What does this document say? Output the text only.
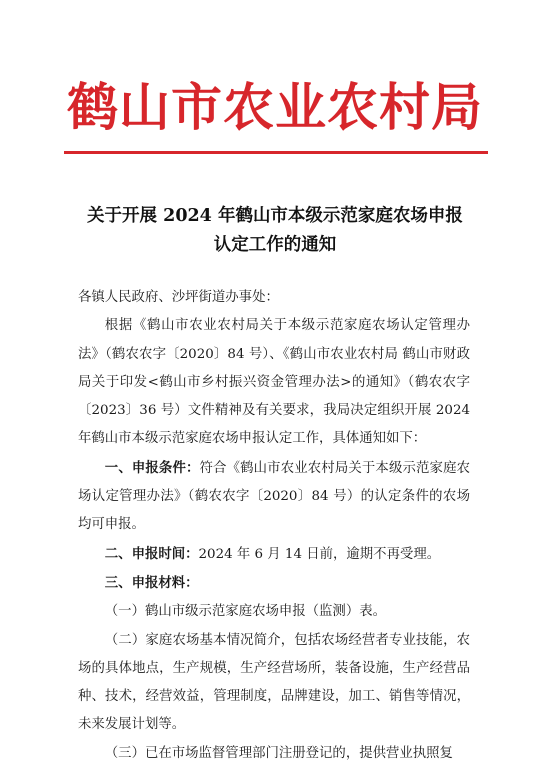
鹤山市农业农村局
关于开展 2024 年鹤山市本级示范家庭农场申报
认定工作的通知

各镇人民政府、沙坪街道办事处：

根据《鹤山市农业农村局关于本级示范家庭农场认定管理办法》（鹤农农字〔2020〕84 号）、《鹤山市农业农村局 鹤山市财政局关于印发<鹤山市乡村振兴资金管理办法>的通知》（鹤农农字〔2023〕36 号）文件精神及有关要求，我局决定组织开展 2024 年鹤山市本级示范家庭农场申报认定工作，具体通知如下：

一、申报条件：符合《鹤山市农业农村局关于本级示范家庭农场认定管理办法》（鹤农农字〔2020〕84 号）的认定条件的农场均可申报。

二、申报时间：2024 年 6 月 14 日前，逾期不再受理。

三、申报材料：

（一）鹤山市级示范家庭农场申报（监测）表。

（二）家庭农场基本情况简介，包括农场经营者专业技能，农场的具体地点，生产规模，生产经营场所，装备设施，生产经营品种、技术，经营效益，管理制度，品牌建设，加工、销售等情况，未来发展计划等。

（三）已在市场监督管理部门注册登记的，提供营业执照复
